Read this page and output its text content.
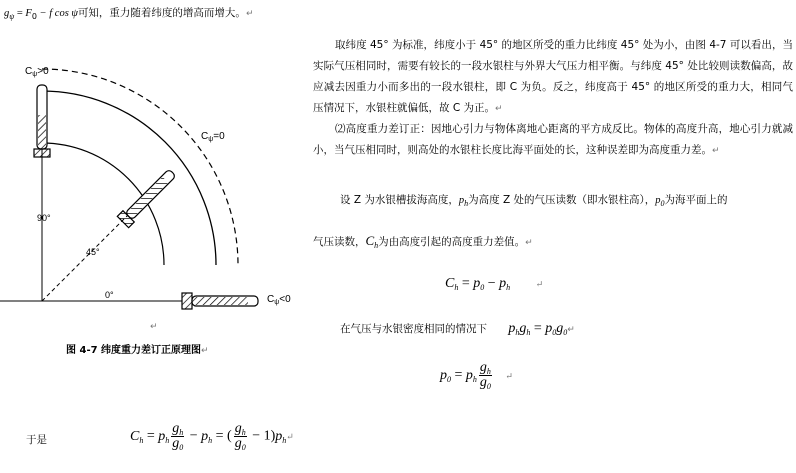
$g_\psi = F_0 - f$ cos ψ可知，重力随着纬度的增高而增大。↵
取纬度 45° 为标准，纬度小于 45° 的地区所受的重力比纬度 45° 处为小，由图 4-7 可以看出，当实际气压相同时，需要有较长的一段水银柱与外界大气压力相平衡。与纬度 45° 处比较则读数偏高，故应减去因重力小而多出的一段水银柱，即 C 为负。反之，纬度高于 45° 的地区所受的重力大，相同气压情况下，水银柱就偏低，故 C 为正。↵
⑵高度重力差订正：因地心引力与物体离地心距离的平方成反比。物体的高度升高，地心引力就减小，当气压相同时，则高处的水银柱长度比海平面处的长，这种误差即为高度重力差。↵
设 Z 为水银槽拔海高度，$p_h$为高度 Z 处的气压读数（即水银柱高），$p_0$为海平面上的
气压读数，$C_h$为由高度引起的高度重力差值。↵
$C_h = p_0 - p_h$	↵
在气压与水银密度相同的情况下 $p_hg_h$ = $p_0g_0↵$
$p_0 = p_h \frac{g_h}{g_0}$ ↵
于是	$C_h = p_h \frac{g_h}{g_0} - p_h$ = ( $\frac{g_h}{g_0}$ − $1)p_h↵$
$C_\psi>0$
$C_\psi=0$
$C_\psi<0$
90°
45°
0°
↵
图 4-7 纬度重力差订正原理图↵
